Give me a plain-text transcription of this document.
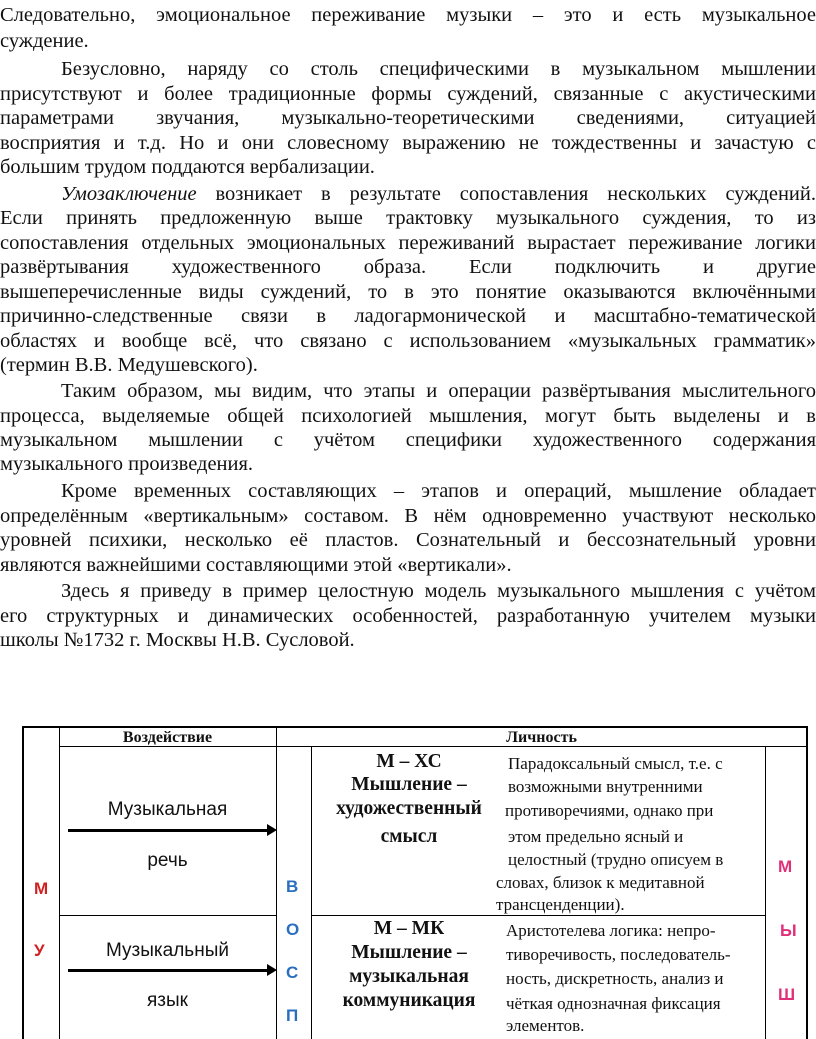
Следовательно, эмоциональное переживание музыки – это и есть музыкальное
суждение.
Безусловно, наряду со столь специфическими в музыкальном мышлении
присутствуют и более традиционные формы суждений, связанные с акустическими
параметрами звучания, музыкально-теоретическими сведениями, ситуацией
восприятия и т.д. Но и они словесному выражению не тождественны и зачастую с
большим трудом поддаются вербализации.
Умозаключение возникает в результате сопоставления нескольких суждений.
Если принять предложенную выше трактовку музыкального суждения, то из
сопоставления отдельных эмоциональных переживаний вырастает переживание логики
развёртывания художественного образа. Если подключить и другие
вышеперечисленные виды суждений, то в это понятие оказываются включёнными
причинно-следственные связи в ладогармонической и масштабно-тематической
областях и вообще всё, что связано с использованием «музыкальных грамматик»
(термин В.В. Медушевского).
Таким образом, мы видим, что этапы и операции развёртывания мыслительного
процесса, выделяемые общей психологией мышления, могут быть выделены и в
музыкальном мышлении с учётом специфики художественного содержания
музыкального произведения.
Кроме временных составляющих – этапов и операций, мышление обладает
определённым «вертикальным» составом. В нём одновременно участвуют несколько
уровней психики, несколько её пластов. Сознательный и бессознательный уровни
являются важнейшими составляющими этой «вертикали».
Здесь я приведу в пример целостную модель музыкального мышления с учётом
его структурных и динамических особенностей, разработанную учителем музыки
школы №1732 г. Москвы Н.В. Сусловой.
Воздействие	Личность
М
У
Музыкальная
речь
Музыкальный
язык
В
О
С
П
М – ХС
Мышление –
художественный
смысл
Парадоксальный смысл, т.е. с
возможными внутренними
противоречиями, однако при
этом предельно ясный и
целостный (трудно описуем в
словах, близок к медитавной
трансценденции).
М – МК
Мышление –
музыкальная
коммуникация
Аристотелева логика: непро-
тиворечивость, последователь-
ность, дискретность, анализ и
чёткая однозначная фиксация
элементов.
М
Ы
Ш
